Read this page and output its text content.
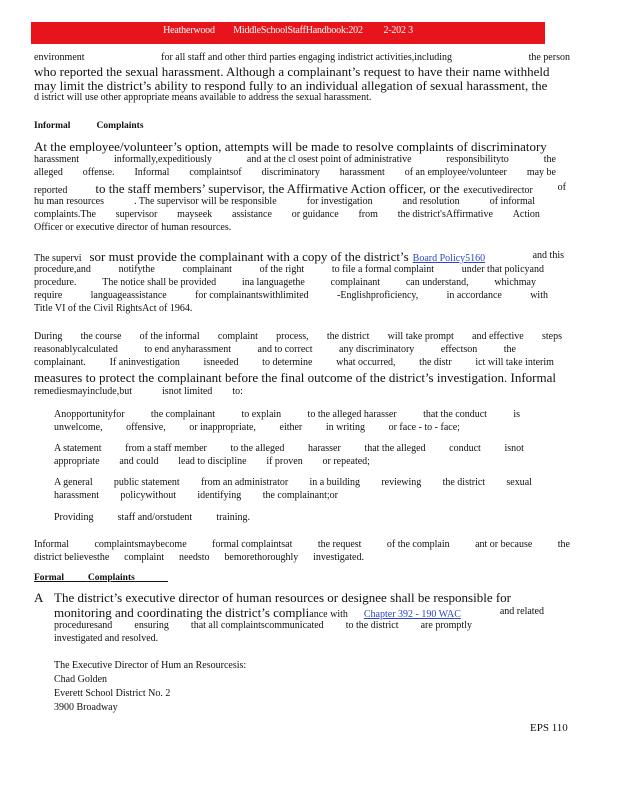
Heatherwood MiddleSchoolStaffHandbook:202 2-202 3
environment	for all staff and other third parties engaging indistrict activities,including	the person
who reported the sexual harassment. Although a complainant’s request to have their name withheld
may limit the district’s ability to respond fully to an individual allegation of sexual harassment, the
d istrict will use other appropriate means available to address the sexual harassment.
Informal	Complaints
At the employee/volunteer’s option, attempts will be made to resolve complaints of discriminatory
harassment	informally,expeditiously	and at the cl osest point of administrative	responsibilityto	the
alleged offense. Informal complaintsof discriminatory harassment of an employee/volunteer may be
reported to the staff members’ supervisor, the Affirmative Action officer, or the executivedirector of
hu man resources	. The supervisor will be responsible	for investigation	and resolution	of informal
complaints.The supervisor mayseek assistance or guidance from the district'sAffirmative Action
Officer or executive director of human resources.
The supervi sor must provide the complainant with a copy of the district’s Board Policy5160	and this
procedure,and	notifythe	complainant	of the right	to file a formal complaint	under that policyand
procedure.	The notice shall be provided	ina languagethe	complainant	can understand,	whichmay
require	languageassistance	for complainantswithlimited	-Englishproficiency,	in accordance	with
Title VI of the Civil RightsAct of 1964.
During the course of the informal complaint process, the district will take prompt and effective steps
reasonablycalculated	to end anyharassment	and to correct	any discriminatory	effectson	the
complainant. If aninvestigation isneeded to determine what occurred, the distr ict will take interim
measures to protect the complainant before the final outcome of the district’s investigation. Informal
remediesmayinclude,but	isnot limited to:
Anopportunityfor	the complainant	to explain	to the alleged harasser	that the conduct	is
unwelcome, offensive, or inappropriate, either in writing or face - to - face;
A statement from a staff member to the alleged harasser that the alleged conduct isnot
appropriate and could lead to discipline if proven or repeated;
A general public statement from an administrator in a building reviewing the district sexual
harassment policywithout identifying the complainant;or
Providing staff and/orstudent training.
Informal	complaintsmaybecome	formal complaintsat	the request	of the complain	ant or because	the
district believesthe complaint needsto bemorethoroughly investigated.
Formal	Complaints
A The district’s executive director of human resources or designee shall be responsible for
monitoring and coordinating the district’s compliance with Chapter 392 - 190 WAC	and related
proceduresand ensuring that all complaintscommunicated to the district are promptly
investigated and resolved.
The Executive Director of Hum an Resourcesis:
Chad Golden
Everett School District No. 2
3900 Broadway
EPS 110
